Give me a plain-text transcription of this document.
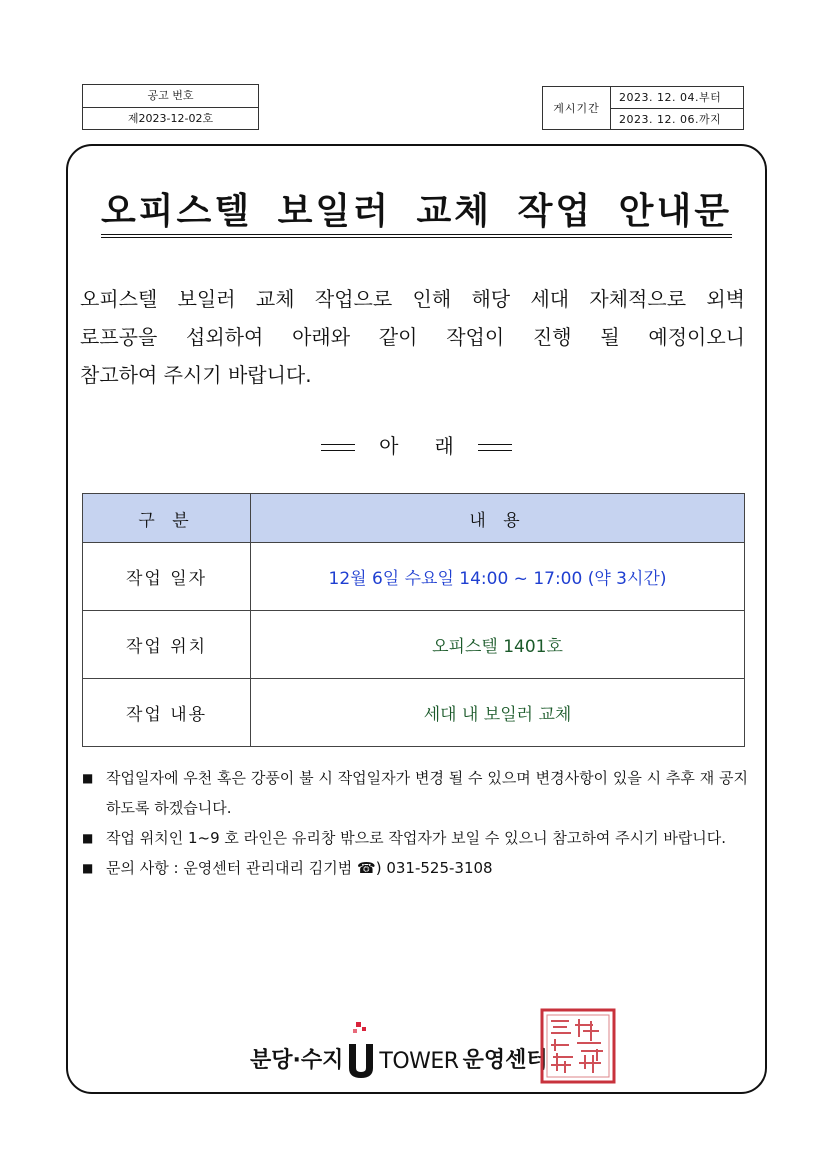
공고 번호
제2023-12-02호
게시기간
2023. 12. 04.부터
2023. 12. 06.까지
오피스텔 보일러 교체 작업 안내문
오피스텔 보일러 교체 작업으로 인해 해당 세대 자체적으로 외벽
로프공을 섭외하여 아래와 같이 작업이 진행 될 예정이오니
참고하여 주시기 바랍니다.
아 래
구 분	내 용
작업 일자	12월 6일 수요일 14:00 ~ 17:00 (약 3시간)
작업 위치	오피스텔 1401호
작업 내용	세대 내 보일러 교체
■ 작업일자에 우천 혹은 강풍이 불 시 작업일자가 변경 될 수 있으며 변경사항이 있을 시 추후 재 공지 하도록 하겠습니다.
■ 작업 위치인 1~9 호 라인은 유리창 밖으로 작업자가 보일 수 있으니 참고하여 주시기 바랍니다.
■ 문의 사항 : 운영센터 관리대리 김기범 ☎) 031-525-3108
분당·수지 TOWER 운영센터
